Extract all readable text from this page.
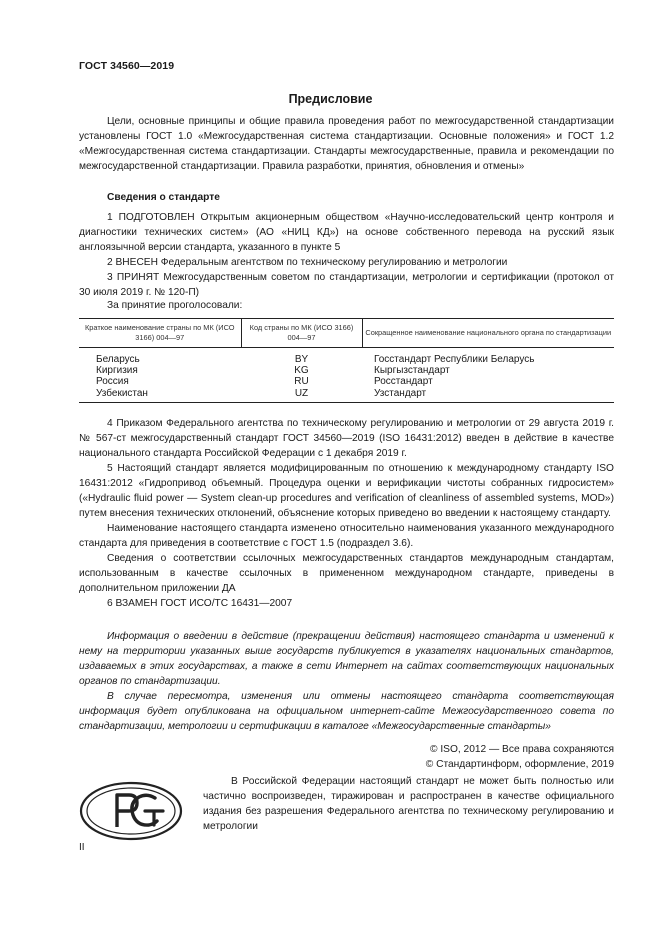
ГОСТ 34560—2019
Предисловие

Цели, основные принципы и общие правила проведения работ по межгосударственной стандартизации установлены ГОСТ 1.0 «Межгосударственная система стандартизации. Основные положения» и ГОСТ 1.2 «Межгосударственная система стандартизации. Стандарты межгосударственные, правила и рекомендации по межгосударственной стандартизации. Правила разработки, принятия, обновления и отмены»

Сведения о стандарте

1 ПОДГОТОВЛЕН Открытым акционерным обществом «Научно-исследовательский центр контроля и диагностики технических систем» (АО «НИЦ КД») на основе собственного перевода на русский язык англоязычной версии стандарта, указанного в пункте 5

2 ВНЕСЕН Федеральным агентством по техническому регулированию и метрологии

3 ПРИНЯТ Межгосударственным советом по стандартизации, метрологии и сертификации (протокол от 30 июля 2019 г. № 120-П)

За принятие проголосовали:
Краткое наименование страны по МК (ИСО 3166) 004—97	Код страны по МК (ИСО 3166) 004—97	Сокращенное наименование национального органа по стандартизации
Беларусь	BY	Госстандарт Республики Беларусь
Киргизия	KG	Кыргызстандарт
Россия	RU	Росстандарт
Узбекистан	UZ	Узстандарт

4 Приказом Федерального агентства по техническому регулированию и метрологии от 29 августа 2019 г. № 567-ст межгосударственный стандарт ГОСТ 34560—2019 (ISO 16431:2012) введен в действие в качестве национального стандарта Российской Федерации с 1 декабря 2019 г.

5 Настоящий стандарт является модифицированным по отношению к международному стандарту ISO 16431:2012 «Гидропривод объемный. Процедура оценки и верификации чистоты собранных гидросистем» («Hydraulic fluid power — System clean-up procedures and verification of cleanliness of assembled systems, MOD») путем внесения технических отклонений, объяснение которых приведено во введении к настоящему стандарту.

Наименование настоящего стандарта изменено относительно наименования указанного международного стандарта для приведения в соответствие с ГОСТ 1.5 (подраздел 3.6).

Сведения о соответствии ссылочных межгосударственных стандартов международным стандартам, использованным в качестве ссылочных в примененном международном стандарте, приведены в дополнительном приложении ДА

6 ВЗАМЕН ГОСТ ИСО/ТС 16431—2007

Информация о введении в действие (прекращении действия) настоящего стандарта и изменений к нему на территории указанных выше государств публикуется в указателях национальных стандартов, издаваемых в этих государствах, а также в сети Интернет на сайтах соответствующих национальных органов по стандартизации.

В случае пересмотра, изменения или отмены настоящего стандарта соответствующая информация будет опубликована на официальном интернет-сайте Межгосударственного совета по стандартизации, метрологии и сертификации в каталоге «Межгосударственные стандарты»

© ISO, 2012 — Все права сохраняются
© Стандартинформ, оформление, 2019

В Российской Федерации настоящий стандарт не может быть полностью или частично воспроизведен, тиражирован и распространен в качестве официального издания без разрешения Федерального агентства по техническому регулированию и метрологии

II
